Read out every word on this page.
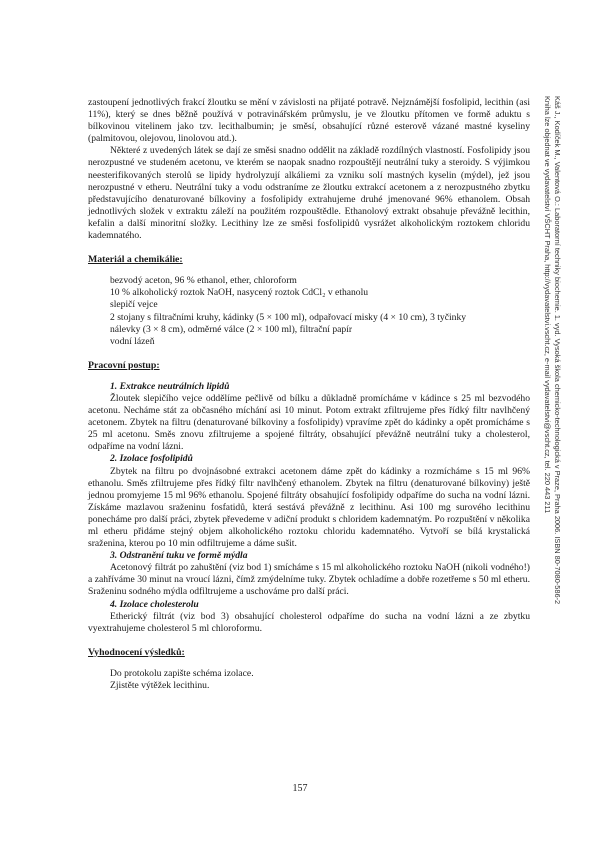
Káš J., Kodíček M., Valentová O.: Laboratorní techniky biochemie. 1. vyd. Vysoká škola chemicko-technologická v Praze, Praha 2006. ISBN 80-7080-586-2
Kniha lze objednat ve vydavatelství VŠCHT Praha, http://vydavatelstvi.vscht.cz, e-mail vydavatelstvi@vscht.cz, tel. 220 443 211

zastoupení jednotlivých frakcí žloutku se mění v závislosti na přijaté potravě. Nejznámější fosfolipid, lecithin (asi 11%), který se dnes běžně používá v potravinářském průmyslu, je ve žloutku přítomen ve formě aduktu s bílkovinou vitelinem jako tzv. lecithalbumin; je směsí, obsahující různé esterově vázané mastné kyseliny (palmitovou, olejovou, linolovou atd.).

Některé z uvedených látek se dají ze směsi snadno oddělit na základě rozdílných vlastností. Fosfolipidy jsou nerozpustné ve studeném acetonu, ve kterém se naopak snadno rozpouštějí neutrální tuky a steroidy. S výjimkou neesterifikovaných sterolů se lipidy hydrolyzují alkáliemi za vzniku solí mastných kyselin (mýdel), jež jsou nerozpustné v etheru. Neutrální tuky a vodu odstraníme ze žloutku extrakcí acetonem a z nerozpustného zbytku představujícího denaturované bílkoviny a fosfolipidy extrahujeme druhé jmenované 96% ethanolem. Obsah jednotlivých složek v extraktu záleží na použitém rozpouštědle. Ethanolový extrakt obsahuje převážně lecithin, kefalin a další minoritní složky. Lecithiny lze ze směsi fosfolipidů vysrážet alkoholickým roztokem chloridu kademnatého.

Materiál a chemikálie:
bezvodý aceton, 96 % ethanol, ether, chloroform
10 % alkoholický roztok NaOH, nasycený roztok CdCl₂ v ethanolu
slepičí vejce
2 stojany s filtračními kruhy, kádinky (5 × 100 ml), odpařovací misky (4 × 10 cm), 3 tyčinky
nálevky (3 × 8 cm), odměrné válce (2 × 100 ml), filtrační papír
vodní lázeň
Pracovní postup:
1. Extrakce neutrálních lipidů

Žloutek slepičího vejce oddělíme pečlivě od bílku a důkladně promícháme v kádince s 25 ml bezvodého acetonu. Necháme stát za občasného míchání asi 10 minut. Potom extrakt zfiltrujeme přes řídký filtr navlhčený acetonem. Zbytek na filtru (denaturované bílkoviny a fosfolipidy) vpravíme zpět do kádinky a opět promícháme s 25 ml acetonu. Směs znovu zfiltrujeme a spojené filtráty, obsahující převážně neutrální tuky a cholesterol, odpaříme na vodní lázni.

2. Izolace fosfolipidů

Zbytek na filtru po dvojnásobné extrakci acetonem dáme zpět do kádinky a rozmícháme s 15 ml 96% ethanolu. Směs zfiltrujeme přes řídký filtr navlhčený ethanolem. Zbytek na filtru (denaturované bílkoviny) ještě jednou promyjeme 15 ml 96% ethanolu. Spojené filtráty obsahující fosfolipidy odpaříme do sucha na vodní lázni. Získáme mazlavou sraženinu fosfatidů, která sestává převážně z lecithinu. Asi 100 mg surového lecithinu ponecháme pro další práci, zbytek převedeme v adiční produkt s chloridem kademnatým. Po rozpuštění v několika ml etheru přidáme stejný objem alkoholického roztoku chloridu kademnatého. Vytvoří se bílá krystalická sraženina, kterou po 10 min odfiltrujeme a dáme sušit.

3. Odstranění tuku ve formě mýdla

Acetonový filtrát po zahuštění (viz bod 1) smícháme s 15 ml alkoholického roztoku NaOH (nikoli vodného!) a zahříváme 30 minut na vroucí lázni, čímž zmýdelníme tuky. Zbytek ochladíme a dobře rozetřeme s 50 ml etheru. Sraženinu sodného mýdla odfiltrujeme a uschováme pro další práci.

4. Izolace cholesterolu

Etherický filtrát (viz bod 3) obsahující cholesterol odpaříme do sucha na vodní lázni a ze zbytku vyextrahujeme cholesterol 5 ml chloroformu.

Vyhodnocení výsledků:
Do protokolu zapište schéma izolace.
Zjistěte výtěžek lecithinu.
157
